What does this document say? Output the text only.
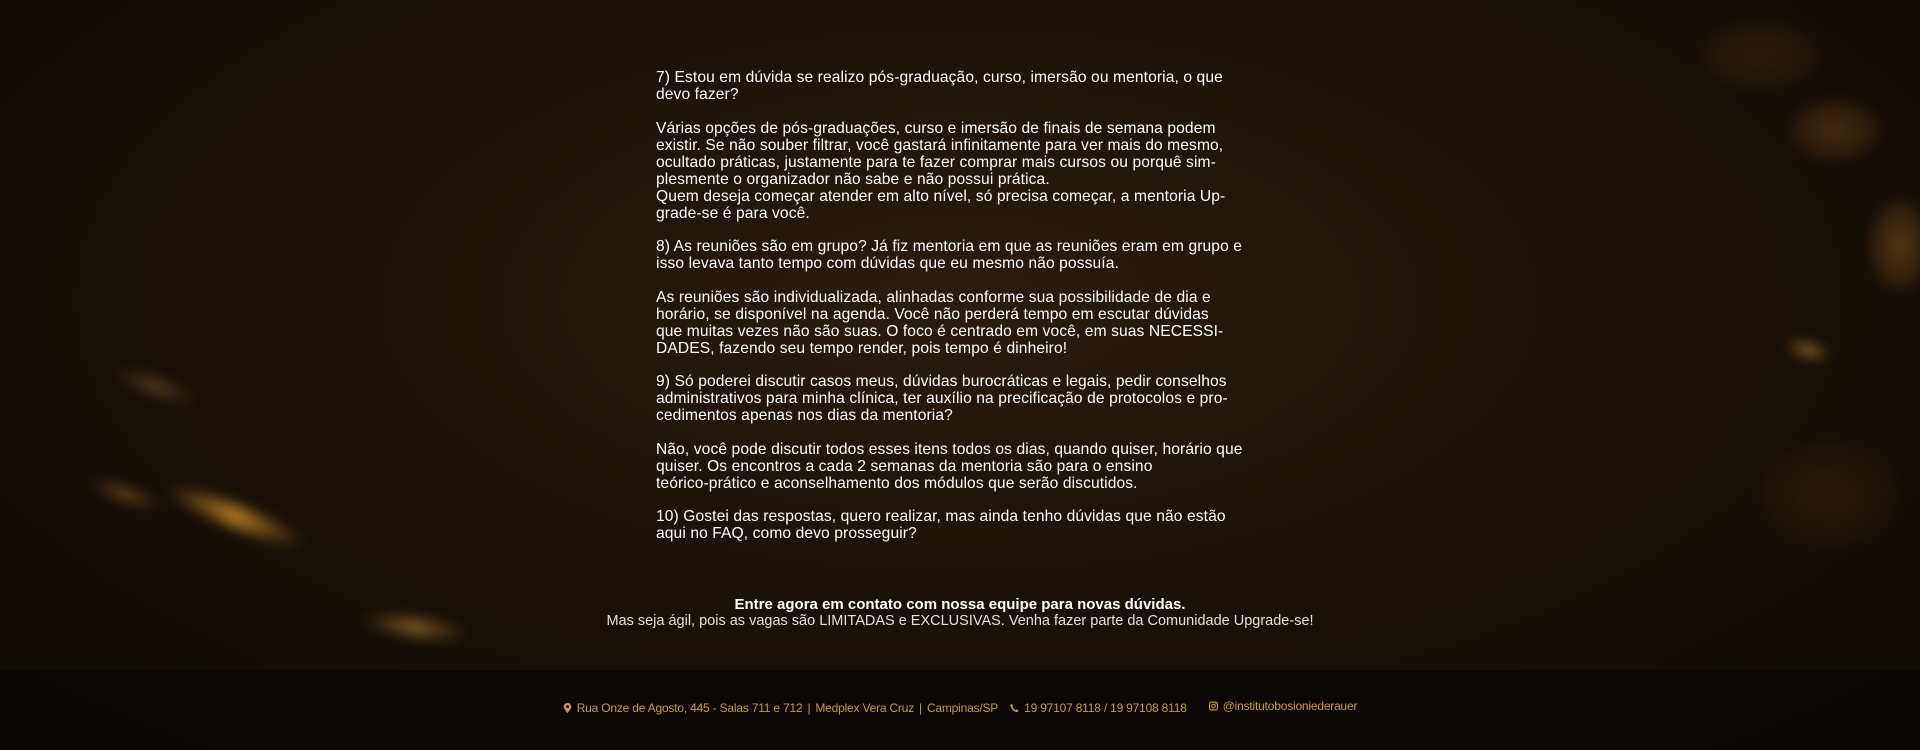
7) Estou em dúvida se realizo pós-graduação, curso, imersão ou mentoria, o que
devo fazer?

Várias opções de pós-graduações, curso e imersão de finais de semana podem
existir. Se não souber filtrar, você gastará infinitamente para ver mais do mesmo,
ocultado práticas, justamente para te fazer comprar mais cursos ou porquê sim-
plesmente o organizador não sabe e não possui prática.
Quem deseja começar atender em alto nível, só precisa começar, a mentoria Up-
grade-se é para você.

8) As reuniões são em grupo? Já fiz mentoria em que as reuniões eram em grupo e
isso levava tanto tempo com dúvidas que eu mesmo não possuía.

As reuniões são individualizada, alinhadas conforme sua possibilidade de dia e
horário, se disponível na agenda. Você não perderá tempo em escutar dúvidas
que muitas vezes não são suas. O foco é centrado em você, em suas NECESSI-
DADES, fazendo seu tempo render, pois tempo é dinheiro!

9) Só poderei discutir casos meus, dúvidas burocráticas e legais, pedir conselhos
administrativos para minha clínica, ter auxílio na precificação de protocolos e pro-
cedimentos apenas nos dias da mentoria?

Não, você pode discutir todos esses itens todos os dias, quando quiser, horário que
quiser. Os encontros a cada 2 semanas da mentoria são para o ensino
teórico-prático e aconselhamento dos módulos que serão discutidos.

10) Gostei das respostas, quero realizar, mas ainda tenho dúvidas que não estão
aqui no FAQ, como devo prosseguir?

Entre agora em contato com nossa equipe para novas dúvidas.
Mas seja ágil, pois as vagas são LIMITADAS e EXCLUSIVAS. Venha fazer parte da Comunidade Upgrade-se!
Rua Onze de Agosto, 445 - Salas 711 e 712 | Medplex Vera Cruz | Campinas/SP 19 97107 8118 / 19 97108 8118	@institutobosioniederauer
